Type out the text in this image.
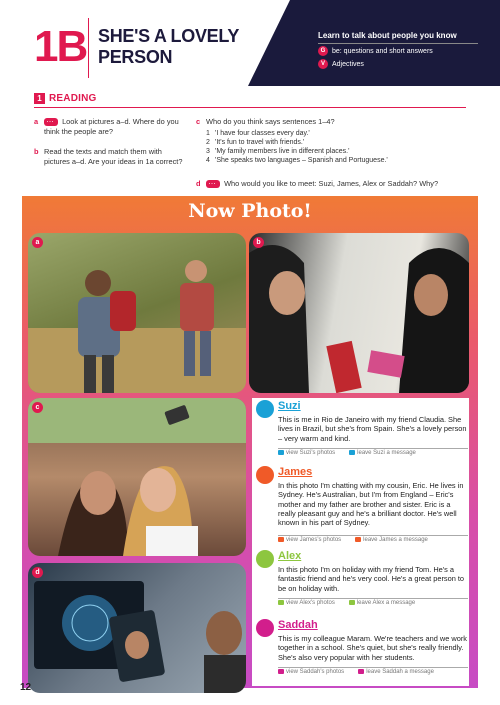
1B SHE'S A LOVELY
PERSON
Learn to talk about people you know
G be: questions and short answers
V	Adjectives
1 READING
a …	Look at pictures a–d. Where do you think the people are?
b Read the texts and match them with pictures a–d. Are your ideas in 1a correct?
c Who do you think says sentences 1–4?
1 'I have four classes every day.'
2 'It's fun to travel with friends.'
3 'My family members live in different places.'
4 'She speaks two languages – Spanish and Portuguese.'
d …	Who would you like to meet: Suzi, James, Alex or Saddah? Why?
Now Photo!
a	b
c
d
Suzi
This is me in Rio de Janeiro with my friend Claudia. She lives in Brazil, but she's from Spain. She's a lovely person – very warm and kind.
view Suzi's photos	leave Suzi a message
James
In this photo I'm chatting with my cousin, Eric. He lives in Sydney. He's Australian, but I'm from England – Eric's mother and my father are brother and sister. Eric is a really pleasant guy and he's a brilliant doctor. He's well known in his part of Sydney.
view James's photos	leave James a message
Alex
In this photo I'm on holiday with my friend Tom. He's a fantastic friend and he's very cool. He's a great person to be on holiday with.
view Alex's photos	leave Alex a message
Saddah
This is my colleague Maram. We're teachers and we work together in a school. She's quiet, but she's really friendly. She's also very popular with her students.
view Saddah's photos	leave Saddah a message
12
